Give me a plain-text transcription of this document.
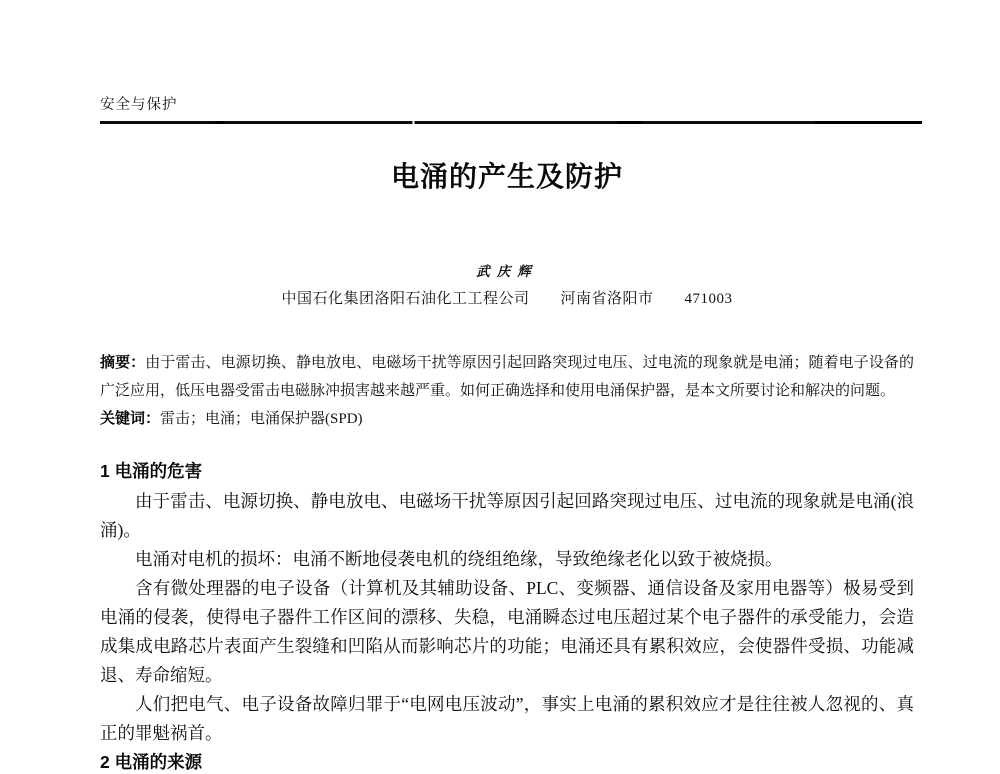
安全与保护

电涌的产生及防护

武庆辉

中国石化集团洛阳石油化工工程公司　　河南省洛阳市　　471003

摘要：由于雷击、电源切换、静电放电、电磁场干扰等原因引起回路突现过电压、过电流的现象就是电涌；随着电子设备的广泛应用，低压电器受雷击电磁脉冲损害越来越严重。如何正确选择和使用电涌保护器，是本文所要讨论和解决的问题。

关键词：雷击；电涌；电涌保护器(SPD)

1 电涌的危害

由于雷击、电源切换、静电放电、电磁场干扰等原因引起回路突现过电压、过电流的现象就是电涌(浪涌)。

电涌对电机的损坏：电涌不断地侵袭电机的绕组绝缘，导致绝缘老化以致于被烧损。

含有微处理器的电子设备（计算机及其辅助设备、PLC、变频器、通信设备及家用电器等）极易受到电涌的侵袭，使得电子器件工作区间的漂移、失稳，电涌瞬态过电压超过某个电子器件的承受能力，会造成集成电路芯片表面产生裂缝和凹陷从而影响芯片的功能；电涌还具有累积效应，会使器件受损、功能减退、寿命缩短。

人们把电气、电子设备故障归罪于“电网电压波动”，事实上电涌的累积效应才是往往被人忽视的、真正的罪魁祸首。

2 电涌的来源
